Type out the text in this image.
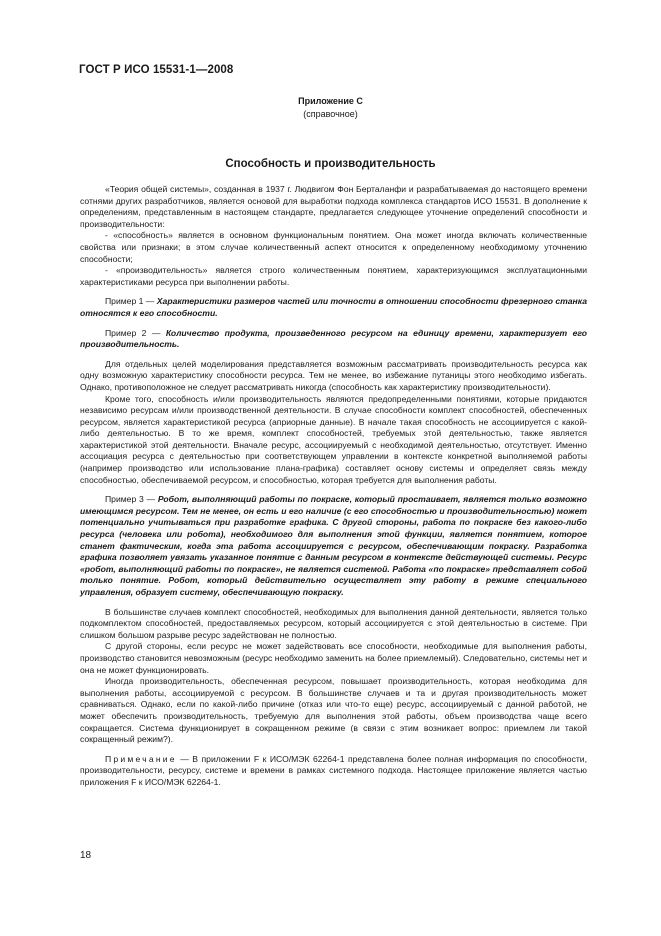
ГОСТ Р ИСО 15531-1—2008
Приложение С
(справочное)
Способность и производительность

«Теория общей системы», созданная в 1937 г. Людвигом Фон Берталанфи и разрабатываемая до настоящего времени сотнями других разработчиков, является основой для выработки подхода комплекса стандартов ИСО 15531. В дополнение к определениям, представленным в настоящем стандарте, предлагается следующее уточнение определений способности и производительности:

- «способность» является в основном функциональным понятием. Она может иногда включать количественные свойства или признаки; в этом случае количественный аспект относится к определенному необходимому уточнению способности;

- «производительность» является строго количественным понятием, характеризующимся эксплуатационными характеристиками ресурса при выполнении работы.

Пример 1 — Характеристики размеров частей или точности в отношении способности фрезерного станка относятся к его способности.

Пример 2 — Количество продукта, произведенного ресурсом на единицу времени, характеризует его производительность.

Для отдельных целей моделирования представляется возможным рассматривать производительность ресурса как одну возможную характеристику способности ресурса. Тем не менее, во избежание путаницы этого необходимо избегать. Однако, противоположное не следует рассматривать никогда (способность как характеристику производительности).

Кроме того, способность и/или производительность являются предопределенными понятиями, которые придаются независимо ресурсам и/или производственной деятельности. В случае способности комплект способностей, обеспеченных ресурсом, является характеристикой ресурса (априорные данные). В начале такая способность не ассоциируется с какой-либо деятельностью. В то же время, комплект способностей, требуемых этой деятельностью, также является характеристикой этой деятельности. Вначале ресурс, ассоциируемый с необходимой деятельностью, отсутствует. Именно ассоциация ресурса с деятельностью при соответствующем управлении в контексте конкретной выполняемой работы (например производство или использование плана-графика) составляет основу системы и определяет связь между способностью, обеспечиваемой ресурсом, и способностью, которая требуется для выполнения работы.

Пример 3 — Робот, выполняющий работы по покраске, который простаивает, является только возможно имеющимся ресурсом. Тем не менее, он есть и его наличие (с его способностью и производительностью) может потенциально учитываться при разработке графика. С другой стороны, работа по покраске без какого-либо ресурса (человека или робота), необходимого для выполнения этой функции, является понятием, которое станет фактическим, когда эта работа ассоциируется с ресурсом, обеспечивающим покраску. Разработка графика позволяет увязать указанное понятие с данным ресурсом в контексте действующей системы. Ресурс «робот, выполняющий работы по покраске», не является системой. Работа «по покраске» представляет собой только понятие. Робот, который действительно осуществляет эту работу в режиме специального управления, образует систему, обеспечивающую покраску.

В большинстве случаев комплект способностей, необходимых для выполнения данной деятельности, является только подкомплектом способностей, предоставляемых ресурсом, который ассоциируется с этой деятельностью в системе. При слишком большом разрыве ресурс задействован не полностью.

С другой стороны, если ресурс не может задействовать все способности, необходимые для выполнения работы, производство становится невозможным (ресурс необходимо заменить на более приемлемый). Следовательно, системы нет и она не может функционировать.

Иногда производительность, обеспеченная ресурсом, повышает производительность, которая необходима для выполнения работы, ассоциируемой с ресурсом. В большинстве случаев и та и другая производительность может сравниваться. Однако, если по какой-либо причине (отказ или что-то еще) ресурс, ассоциируемый с данной работой, не может обеспечить производительность, требуемую для выполнения этой работы, объем производства чаще всего сокращается. Система функционирует в сокращенном режиме (в связи с этим возникает вопрос: приемлем ли такой сокращенный режим?).

Примечание — В приложении F к ИСО/МЭК 62264-1 представлена более полная информация по способности, производительности, ресурсу, системе и времени в рамках системного подхода. Настоящее приложение является частью приложения F к ИСО/МЭК 62264-1.

18
